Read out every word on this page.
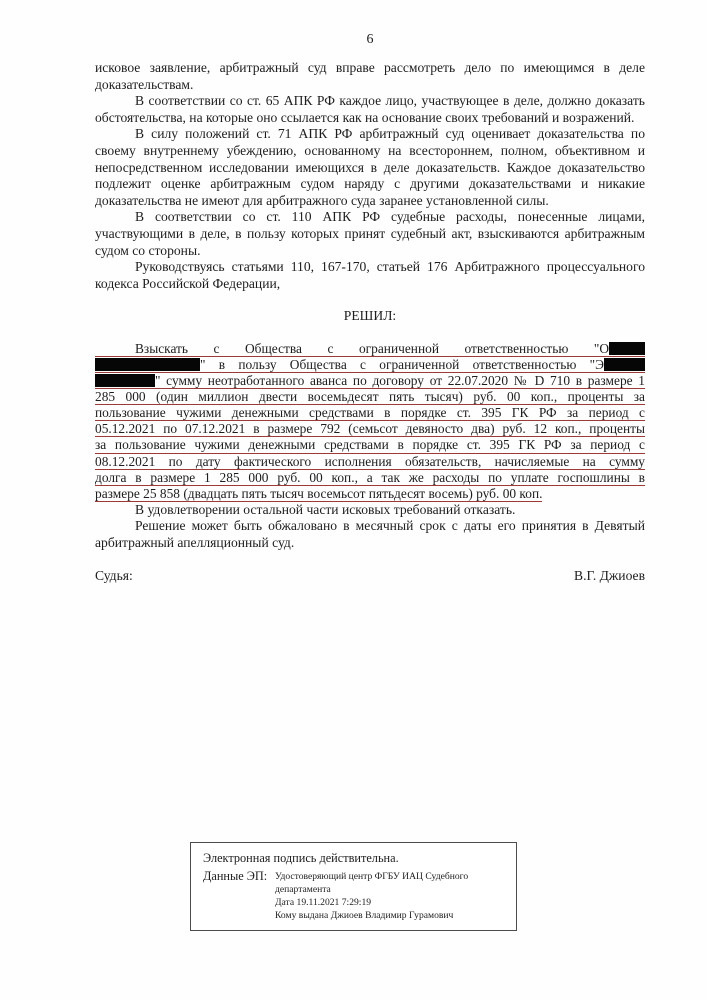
6
исковое заявление, арбитражный суд вправе рассмотреть дело по имеющимся в деле доказательствам.
В соответствии со ст. 65 АПК РФ каждое лицо, участвующее в деле, должно доказать обстоятельства, на которые оно ссылается как на основание своих требований и возражений.
В силу положений ст. 71 АПК РФ арбитражный суд оценивает доказательства по своему внутреннему убеждению, основанному на всестороннем, полном, объективном и непосредственном исследовании имеющихся в деле доказательств. Каждое доказательство подлежит оценке арбитражным судом наряду с другими доказательствами и никакие доказательства не имеют для арбитражного суда заранее установленной силы.
В соответствии со ст. 110 АПК РФ судебные расходы, понесенные лицами, участвующими в деле, в пользу которых принят судебный акт, взыскиваются арбитражным судом со стороны.
Руководствуясь статьями 110, 167-170, статьей 176 Арбитражного процессуального кодекса Российской Федерации,
РЕШИЛ:
Взыскать с Общества с ограниченной ответственностью "О
" в пользу Общества с ограниченной ответственностью "Э
" сумму неотработанного аванса по договору от 22.07.2020 № D 710 в размере 1
285 000 (один миллион двести восемьдесят пять тысяч) руб. 00 коп., проценты за
пользование чужими денежными средствами в порядке ст. 395 ГК РФ за период с
05.12.2021 по 07.12.2021 в размере 792 (семьсот девяносто два) руб. 12 коп., проценты
за пользование чужими денежными средствами в порядке ст. 395 ГК РФ за период с
08.12.2021 по дату фактического исполнения обязательств, начисляемые на сумму
долга в размере 1 285 000 руб. 00 коп., а так же расходы по уплате госпошлины в
размере 25 858 (двадцать пять тысяч восемьсот пятьдесят восемь) руб. 00 коп.
В удовлетворении остальной части исковых требований отказать.
Решение может быть обжаловано в месячный срок с даты его принятия в Девятый арбитражный апелляционный суд.
Судья:	В.Г. Джиоев
Электронная подпись действительна.
Данные ЭП: Удостоверяющий центр ФГБУ ИАЦ Судебного департамента
Дата 19.11.2021 7:29:19
Кому выдана Джиоев Владимир Гурамович
